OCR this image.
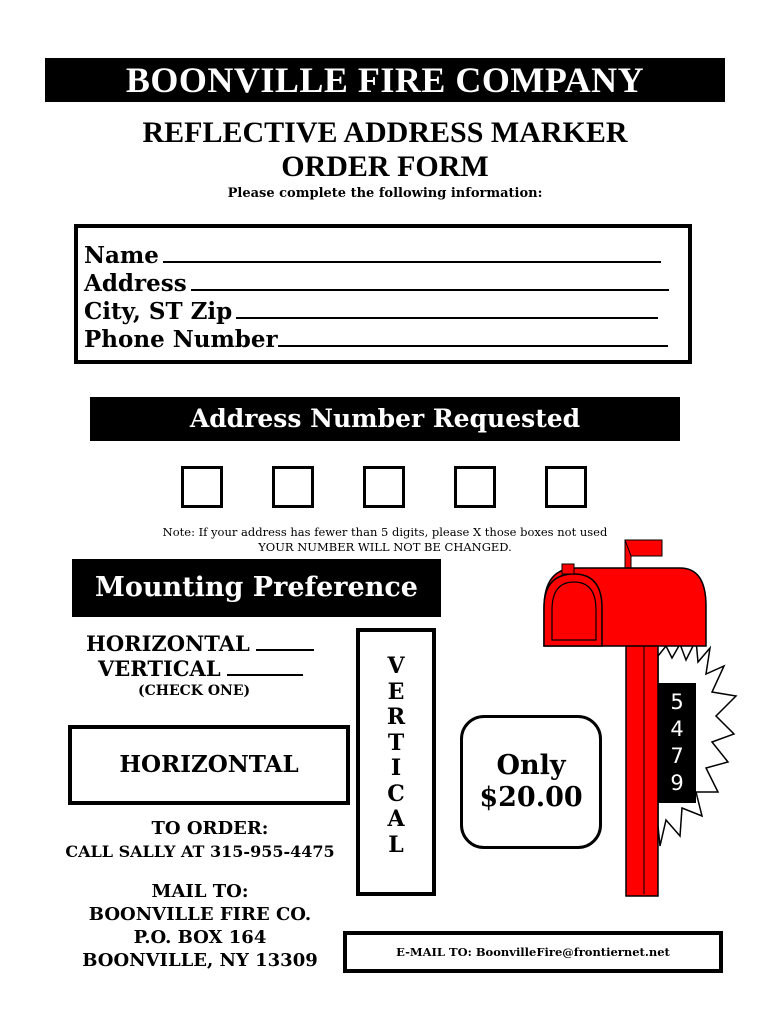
BOONVILLE FIRE COMPANY
REFLECTIVE ADDRESS MARKER
ORDER FORM
Please complete the following information:
Name
Address
City, ST Zip
Phone Number
Address Number Requested
Note: If your address has fewer than 5 digits, please X those boxes not used
YOUR NUMBER WILL NOT BE CHANGED.
Mounting Preference
HORIZONTAL
VERTICAL
(CHECK ONE)
HORIZONTAL
V
E
R
T
I
C
A
L
Only
$20.00
TO ORDER:
CALL SALLY AT 315-955-4475
MAIL TO:
BOONVILLE FIRE CO.
P.O. BOX 164
BOONVILLE, NY 13309	E-MAIL TO: BoonvilleFire@frontiernet.net
5
4
7
9
